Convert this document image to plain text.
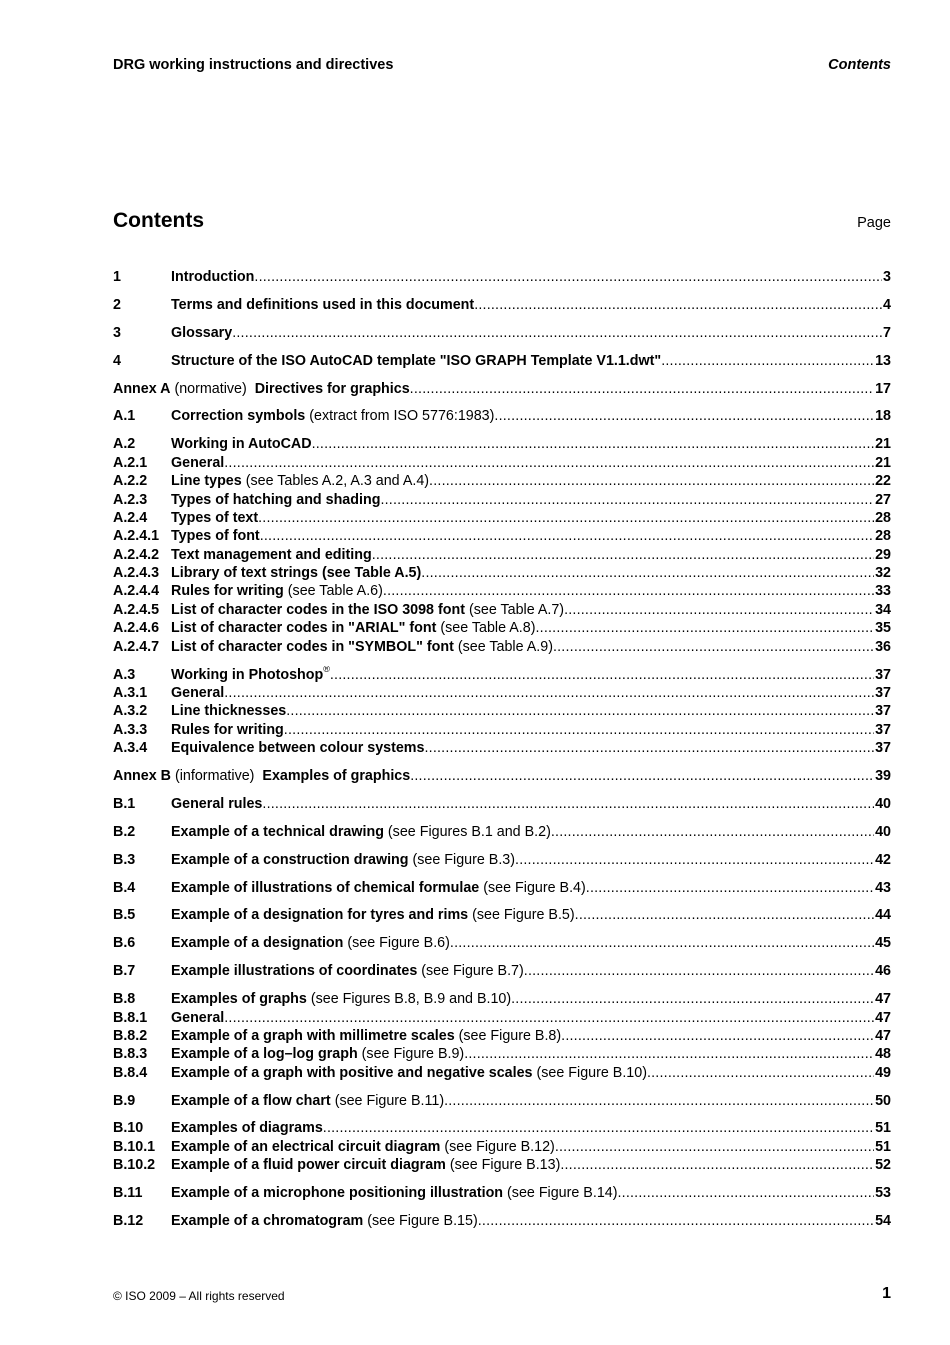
DRG working instructions and directives	Contents
Contents	Page
1	Introduction .....	3
2	Terms and definitions used in this document .....	4
3	Glossary .....	7
4	Structure of the ISO AutoCAD template "ISO GRAPH Template V1.1.dwt" .....	13
Annex A (normative) Directives for graphics .....	17
A.1	Correction symbols (extract from ISO 5776:1983) .....	18
A.2	Working in AutoCAD .....	21
A.2.1	General .....	21
A.2.2	Line types (see Tables A.2, A.3 and A.4) .....	22
A.2.3	Types of hatching and shading .....	27
A.2.4	Types of text .....	28
A.2.4.1 Types of font .....	28
A.2.4.2 Text management and editing .....	29
A.2.4.3 Library of text strings (see Table A.5) .....	32
A.2.4.4 Rules for writing (see Table A.6) .....	33
A.2.4.5 List of character codes in the ISO 3098 font (see Table A.7) .....	34
A.2.4.6 List of character codes in "ARIAL" font (see Table A.8) .....	35
A.2.4.7 List of character codes in "SYMBOL" font (see Table A.9) .....	36
A.3	Working in Photoshop® .....	37
A.3.1	General .....	37
A.3.2	Line thicknesses .....	37
A.3.3	Rules for writing .....	37
A.3.4	Equivalence between colour systems .....	37
Annex B (informative) Examples of graphics .....	39
B.1	General rules .....	40
B.2	Example of a technical drawing (see Figures B.1 and B.2) .....	40
B.3	Example of a construction drawing (see Figure B.3) .....	42
B.4	Example of illustrations of chemical formulae (see Figure B.4) .....	43
B.5	Example of a designation for tyres and rims (see Figure B.5) .....	44
B.6	Example of a designation (see Figure B.6) .....	45
B.7	Example illustrations of coordinates (see Figure B.7) .....	46
B.8	Examples of graphs (see Figures B.8, B.9 and B.10) .....	47
B.8.1	General .....	47
B.8.2	Example of a graph with millimetre scales (see Figure B.8) .....	47
B.8.3	Example of a log–log graph (see Figure B.9) .....	48
B.8.4	Example of a graph with positive and negative scales (see Figure B.10) .....	49
B.9	Example of a flow chart (see Figure B.11) .....	50
B.10	Examples of diagrams .....	51
B.10.1	Example of an electrical circuit diagram (see Figure B.12) .....	51
B.10.2	Example of a fluid power circuit diagram (see Figure B.13) .....	52
B.11	Example of a microphone positioning illustration (see Figure B.14) .....	53
B.12	Example of a chromatogram (see Figure B.15) .....	54
© ISO 2009 – All rights reserved	1
